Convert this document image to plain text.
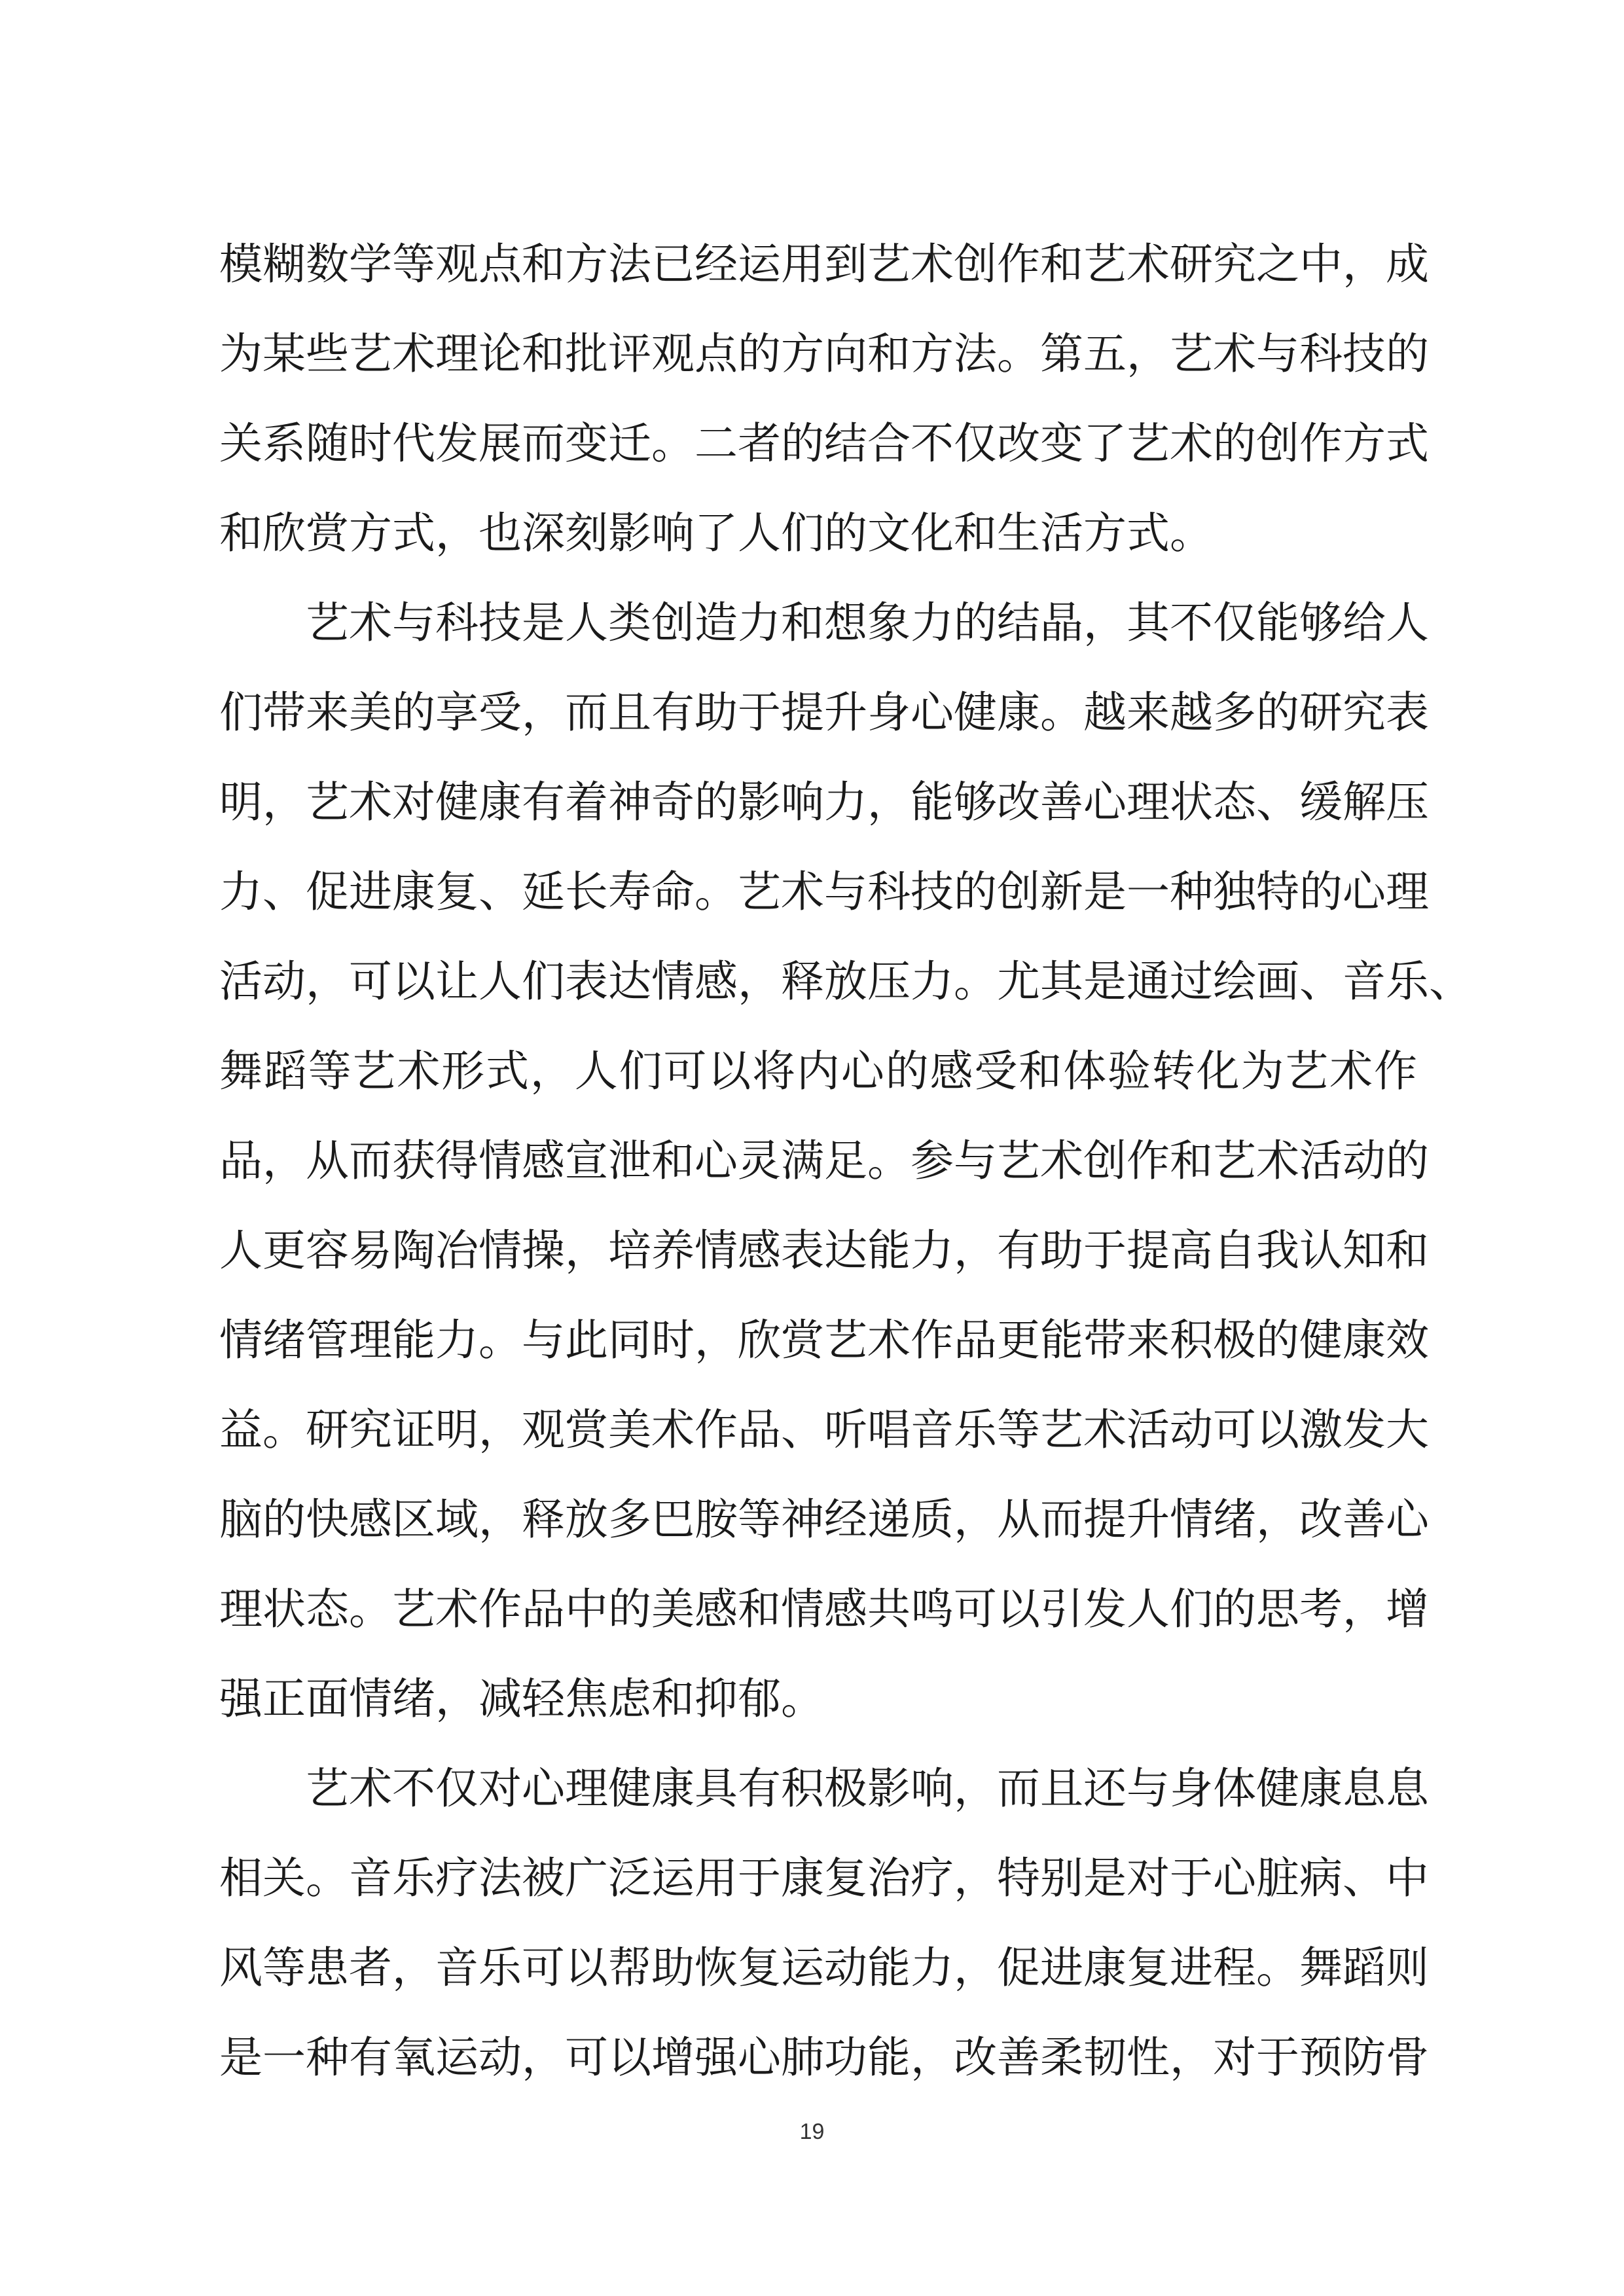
模糊数学等观点和方法已经运用到艺术创作和艺术研究之中，成
为某些艺术理论和批评观点的方向和方法。第五，艺术与科技的
关系随时代发展而变迁。二者的结合不仅改变了艺术的创作方式
和欣赏方式，也深刻影响了人们的文化和生活方式。
艺术与科技是人类创造力和想象力的结晶，其不仅能够给人
们带来美的享受，而且有助于提升身心健康。越来越多的研究表
明，艺术对健康有着神奇的影响力，能够改善心理状态、缓解压
力、促进康复、延长寿命。艺术与科技的创新是一种独特的心理
活动，可以让人们表达情感，释放压力。尤其是通过绘画、音乐、
舞蹈等艺术形式，人们可以将内心的感受和体验转化为艺术作
品，从而获得情感宣泄和心灵满足。参与艺术创作和艺术活动的
人更容易陶冶情操，培养情感表达能力，有助于提高自我认知和
情绪管理能力。与此同时，欣赏艺术作品更能带来积极的健康效
益。研究证明，观赏美术作品、听唱音乐等艺术活动可以激发大
脑的快感区域，释放多巴胺等神经递质，从而提升情绪，改善心
理状态。艺术作品中的美感和情感共鸣可以引发人们的思考，增
强正面情绪，减轻焦虑和抑郁。
艺术不仅对心理健康具有积极影响，而且还与身体健康息息
相关。音乐疗法被广泛运用于康复治疗，特别是对于心脏病、中
风等患者，音乐可以帮助恢复运动能力，促进康复进程。舞蹈则
是一种有氧运动，可以增强心肺功能，改善柔韧性，对于预防骨
19
